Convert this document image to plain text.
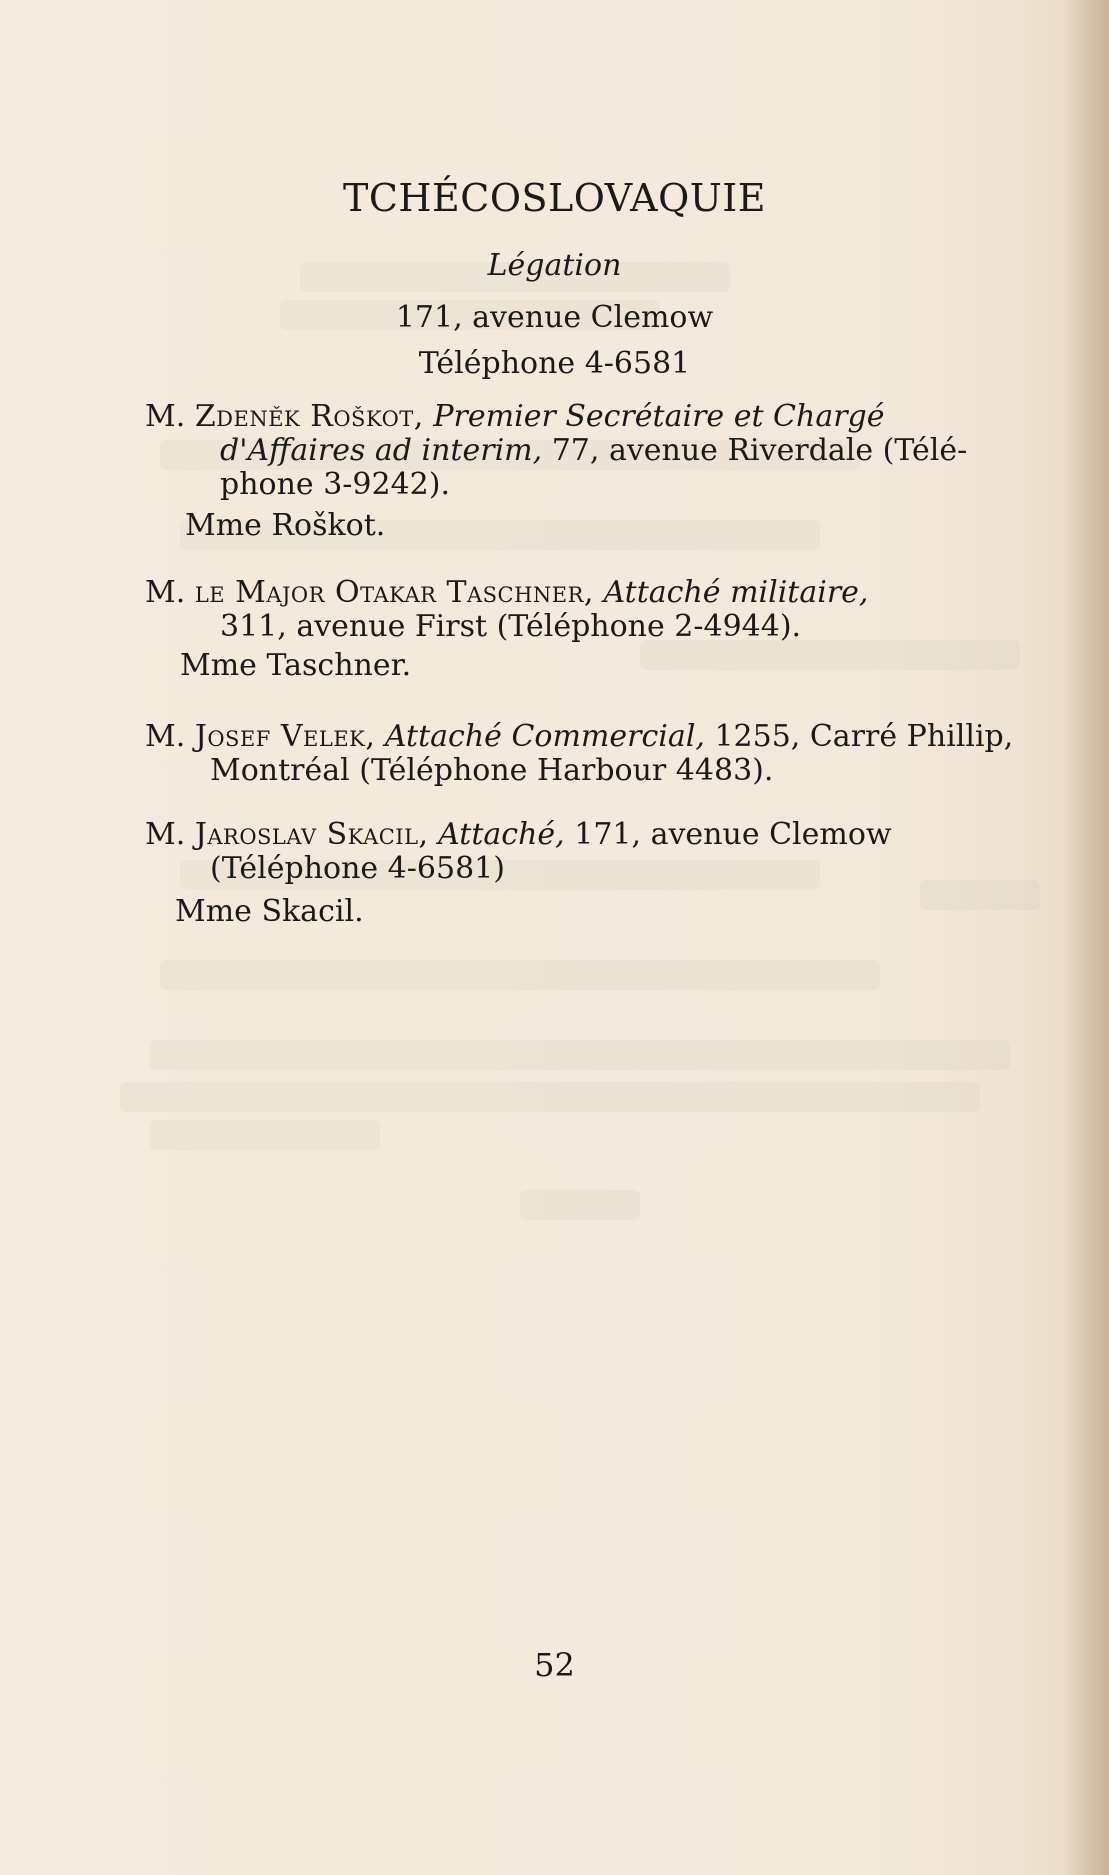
TCHÉCOSLOVAQUIE
Légation
171, avenue Clemow
Téléphone 4-6581
M. Zdeněk Roškot, Premier Secrétaire et Chargé
d'Affaires ad interim, 77, avenue Riverdale (Télé-
phone 3-9242).
Mme Roškot.
M. le Major Otakar Taschner, Attaché militaire,
311, avenue First (Téléphone 2-4944).
Mme Taschner.
M. Josef Velek, Attaché Commercial, 1255, Carré Phillip,
Montréal (Téléphone Harbour 4483).
M. Jaroslav Skacil, Attaché, 171, avenue Clemow
(Téléphone 4-6581)
Mme Skacil.
52
